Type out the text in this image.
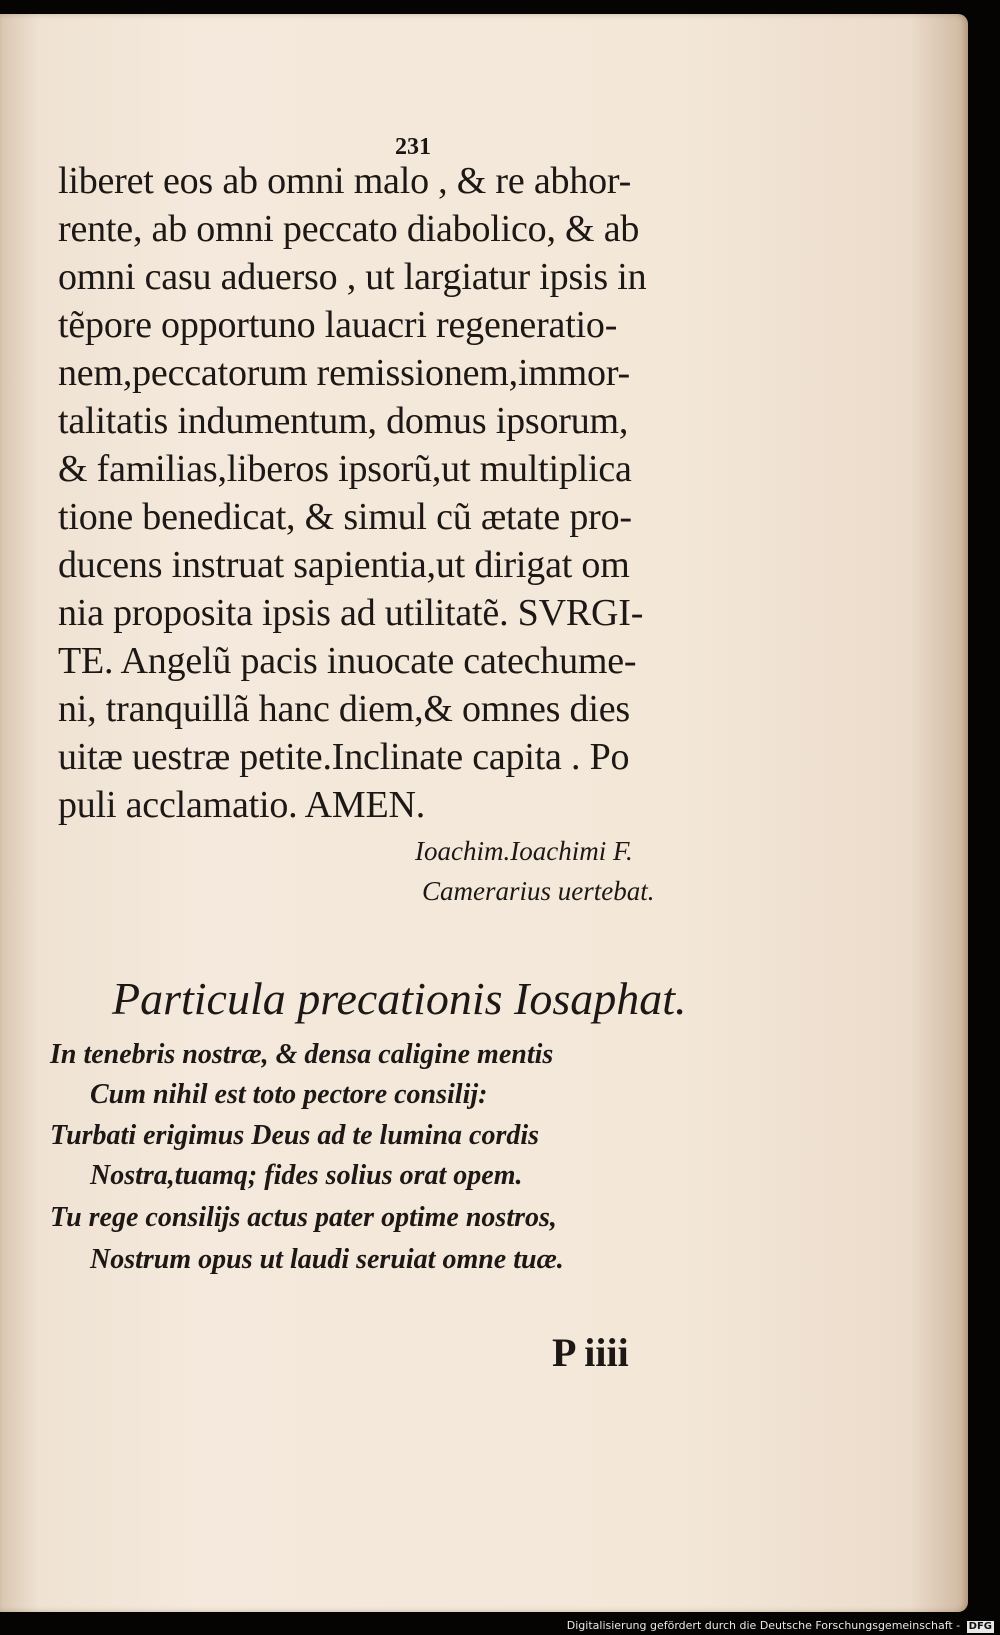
231
liberet eos ab omni malo , & re abhor-
rente, ab omni peccato diabolico, & ab
omni casu aduerso , ut largiatur ipsis in
tẽpore opportuno lauacri regeneratio-
nem,peccatorum remissionem,immor-
talitatis indumentum, domus ipsorum,
& familias,liberos ipsorũ,ut multiplica
tione benedicat, & simul cũ ætate pro-
ducens instruat sapientia,ut dirigat om
nia proposita ipsis ad utilitatẽ. SVRGI-
TE. Angelũ pacis inuocate catechume-
ni, tranquillã hanc diem,& omnes dies
uitæ uestræ petite.Inclinate capita . Po
puli acclamatio. AMEN.
Ioachim.Ioachimi F.
Camerarius uertebat.
Particula precationis Iosaphat.
In tenebris nostræ, & densa caligine mentis
Cum nihil est toto pectore consilij:
Turbati erigimus Deus ad te lumina cordis
Nostra,tuamq; fides solius orat opem.
Tu rege consilijs actus pater optime nostros,
Nostrum opus ut laudi seruiat omne tuæ.
P iiii
Digitalisierung gefördert durch die Deutsche Forschungsgemeinschaft - DFG
